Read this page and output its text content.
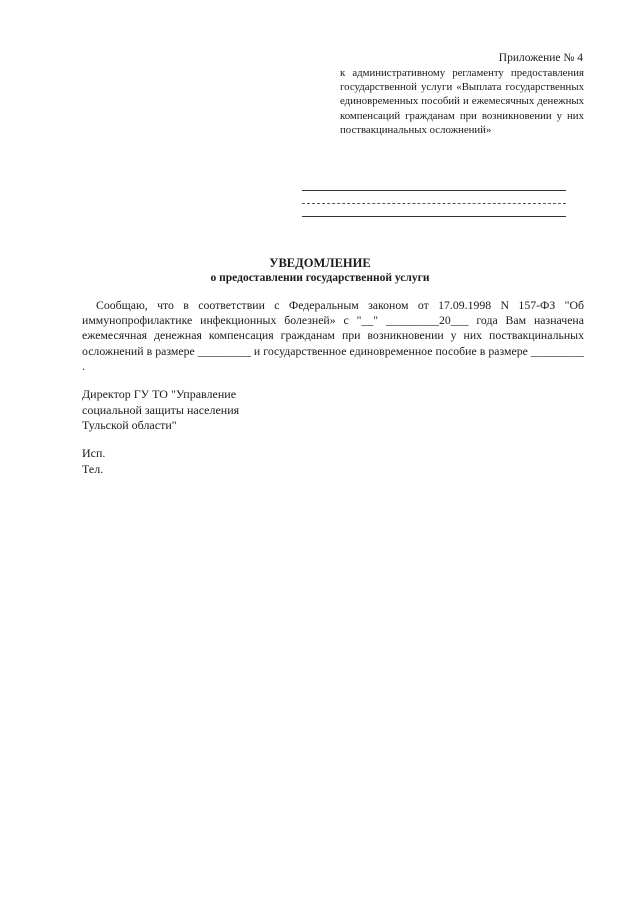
Приложение № 4
к административному регламенту предоставления государственной услуги «Выплата государственных единовременных пособий и ежемесячных денежных компенсаций гражданам при возникновении у них поствакцинальных осложнений»
УВЕДОМЛЕНИЕ
о предоставлении государственной услуги
Сообщаю, что в соответствии с Федеральным законом от 17.09.1998 N 157-ФЗ "Об иммунопрофилактике инфекционных болезней» с "__" _________20___ года Вам назначена ежемесячная денежная компенсация гражданам при возникновении у них поствакцинальных осложнений в размере _________ и государственное единовременное пособие в размере _________ .
Директор ГУ ТО "Управление
социальной защиты населения
Тульской области"
Исп.
Тел.
